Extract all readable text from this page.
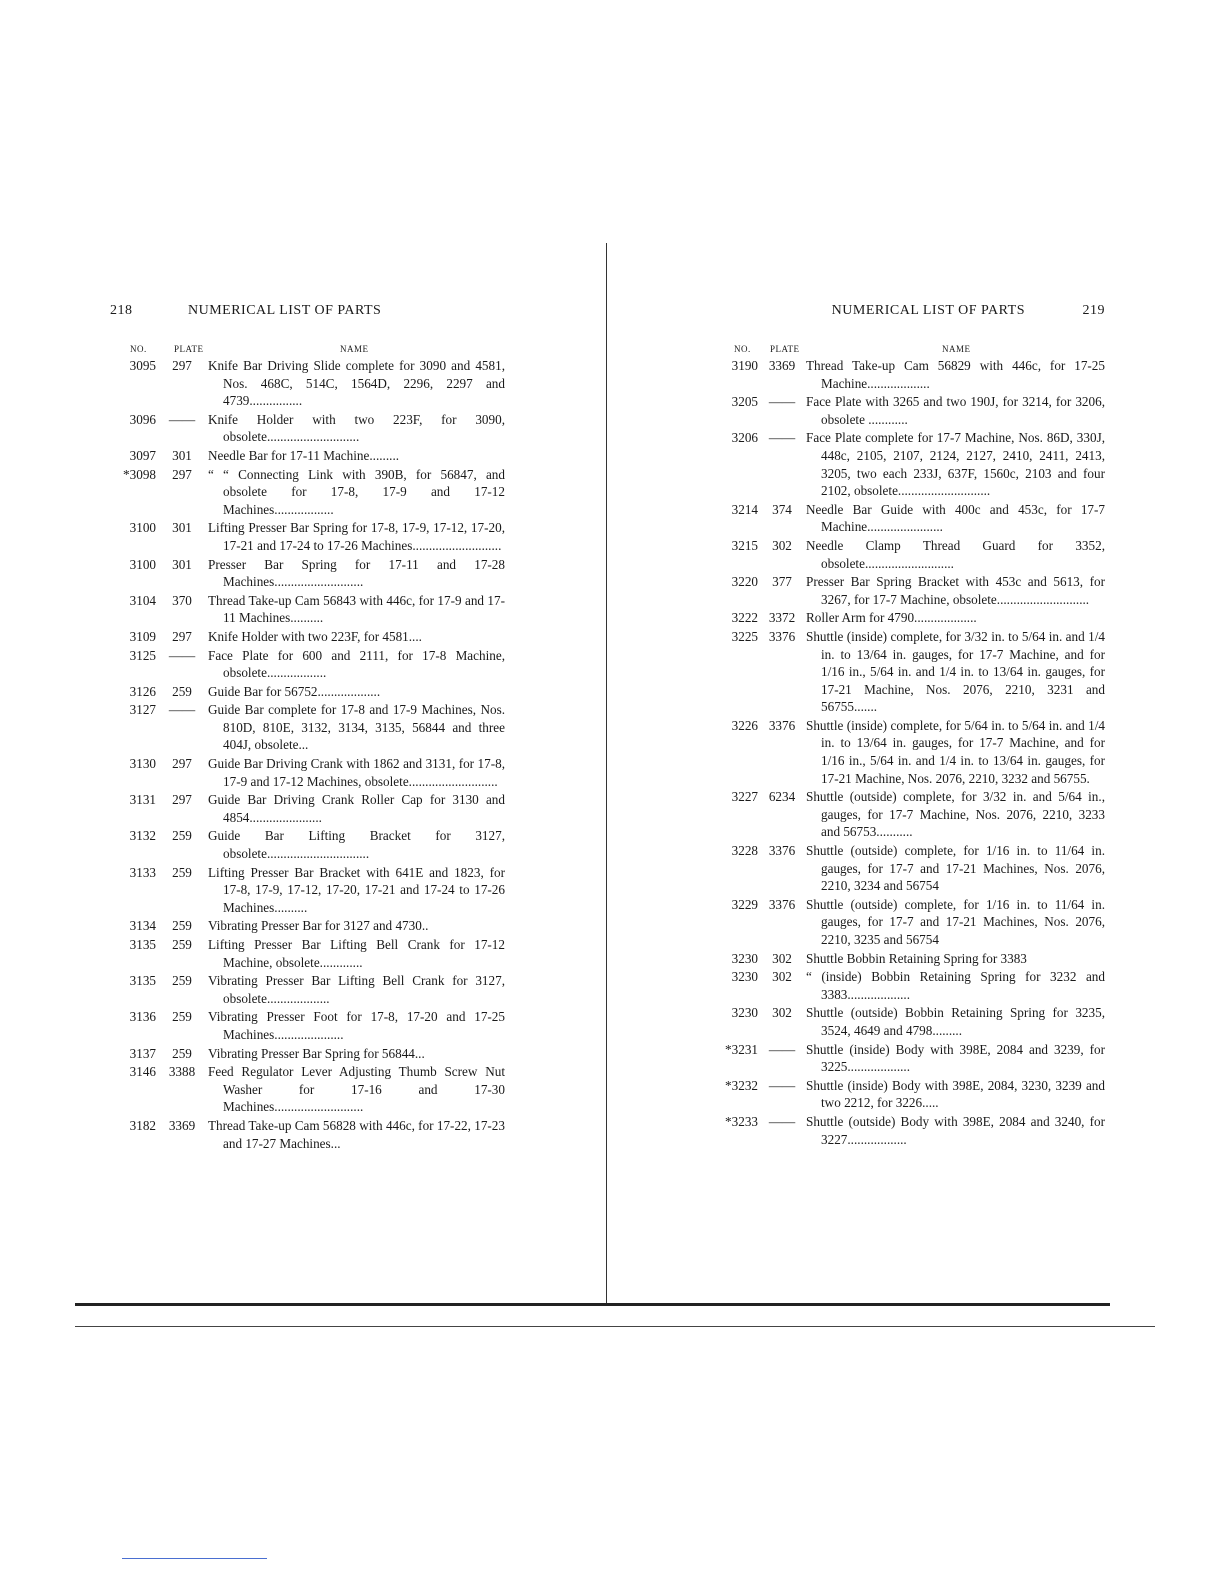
218	NUMERICAL LIST OF PARTS
NO.	PLATE	NAME
3095	297	Knife Bar Driving Slide complete for 3090 and 4581, Nos. 468C, 514C, 1564D, 2296, 2297 and 4739................
3096 —— Knife Holder with two 223F, for 3090, obsolete............................
3097	301	Needle Bar for 17-11 Machine.........
*3098	297	“ “ Connecting Link with 390B, for 56847, and obsolete for 17-8, 17-9 and 17-12 Machines..................
3100	301	Lifting Presser Bar Spring for 17-8, 17-9, 17-12, 17-20, 17-21 and 17-24 to 17-26 Machines...........................
3100	301	Presser Bar Spring for 17-11 and 17-28 Machines...........................
3104	370	Thread Take-up Cam 56843 with 446c, for 17-9 and 17-11 Machines..........
3109	297	Knife Holder with two 223F, for 4581....
3125 —— Face Plate for 600 and 2111, for 17-8 Machine, obsolete..................
3126	259	Guide Bar for 56752...................
3127 —— Guide Bar complete for 17-8 and 17-9 Machines, Nos. 810D, 810E, 3132, 3134, 3135, 56844 and three 404J, obsolete...
3130	297	Guide Bar Driving Crank with 1862 and 3131, for 17-8, 17-9 and 17-12 Machines, obsolete...........................
3131	297	Guide Bar Driving Crank Roller Cap for 3130 and 4854......................
3132	259	Guide Bar Lifting Bracket for 3127, obsolete...............................
3133	259	Lifting Presser Bar Bracket with 641E and 1823, for 17-8, 17-9, 17-12, 17-20, 17-21 and 17-24 to 17-26 Machines..........
3134	259	Vibrating Presser Bar for 3127 and 4730..
3135	259	Lifting Presser Bar Lifting Bell Crank for 17-12 Machine, obsolete.............
3135	259	Vibrating Presser Bar Lifting Bell Crank for 3127, obsolete...................
3136	259	Vibrating Presser Foot for 17-8, 17-20 and 17-25 Machines.....................
3137	259	Vibrating Presser Bar Spring for 56844...
3146 3388 Feed Regulator Lever Adjusting Thumb Screw Nut Washer for 17-16 and 17-30 Machines...........................
3182 3369 Thread Take-up Cam 56828 with 446c, for 17-22, 17-23 and 17-27 Machines...
NUMERICAL LIST OF PARTS	219
NO. PLATE	NAME
3190 3369 Thread Take-up Cam 56829 with 446c, for 17-25 Machine...................
3205 —— Face Plate with 3265 and two 190J, for 3214, for 3206, obsolete ............
3206 —— Face Plate complete for 17-7 Machine, Nos. 86D, 330J, 448c, 2105, 2107, 2124, 2127, 2410, 2411, 2413, 3205, two each 233J, 637F, 1560c, 2103 and four 2102, obsolete............................
3214	374	Needle Bar Guide with 400c and 453c, for 17-7 Machine.......................
3215	302	Needle Clamp Thread Guard for 3352, obsolete...........................
3220	377	Presser Bar Spring Bracket with 453c and 5613, for 3267, for 17-7 Machine, obsolete............................
3222 3372 Roller Arm for 4790...................
3225 3376 Shuttle (inside) complete, for 3/32 in. to 5/64 in. and 1/4 in. to 13/64 in. gauges, for 17-7 Machine, and for 1/16 in., 5/64 in. and 1/4 in. to 13/64 in. gauges, for 17-21 Machine, Nos. 2076, 2210, 3231 and 56755.......
3226 3376 Shuttle (inside) complete, for 5/64 in. to 5/64 in. and 1/4 in. to 13/64 in. gauges, for 17-7 Machine, and for 1/16 in., 5/64 in. and 1/4 in. to 13/64 in. gauges, for 17-21 Machine, Nos. 2076, 2210, 3232 and 56755.
3227 6234 Shuttle (outside) complete, for 3/32 in. and 5/64 in., gauges, for 17-7 Machine, Nos. 2076, 2210, 3233 and 56753...........
3228 3376 Shuttle (outside) complete, for 1/16 in. to 11/64 in. gauges, for 17-7 and 17-21 Machines, Nos. 2076, 2210, 3234 and 56754
3229 3376 Shuttle (outside) complete, for 1/16 in. to 11/64 in. gauges, for 17-7 and 17-21 Machines, Nos. 2076, 2210, 3235 and 56754
3230	302	Shuttle Bobbin Retaining Spring for 3383
3230	302	“ (inside) Bobbin Retaining Spring for 3232 and 3383...................
3230	302	Shuttle (outside) Bobbin Retaining Spring for 3235, 3524, 4649 and 4798.........
*3231 —— Shuttle (inside) Body with 398E, 2084 and 3239, for 3225...................
*3232 —— Shuttle (inside) Body with 398E, 2084, 3230, 3239 and two 2212, for 3226.....
*3233 —— Shuttle (outside) Body with 398E, 2084 and 3240, for 3227..................
